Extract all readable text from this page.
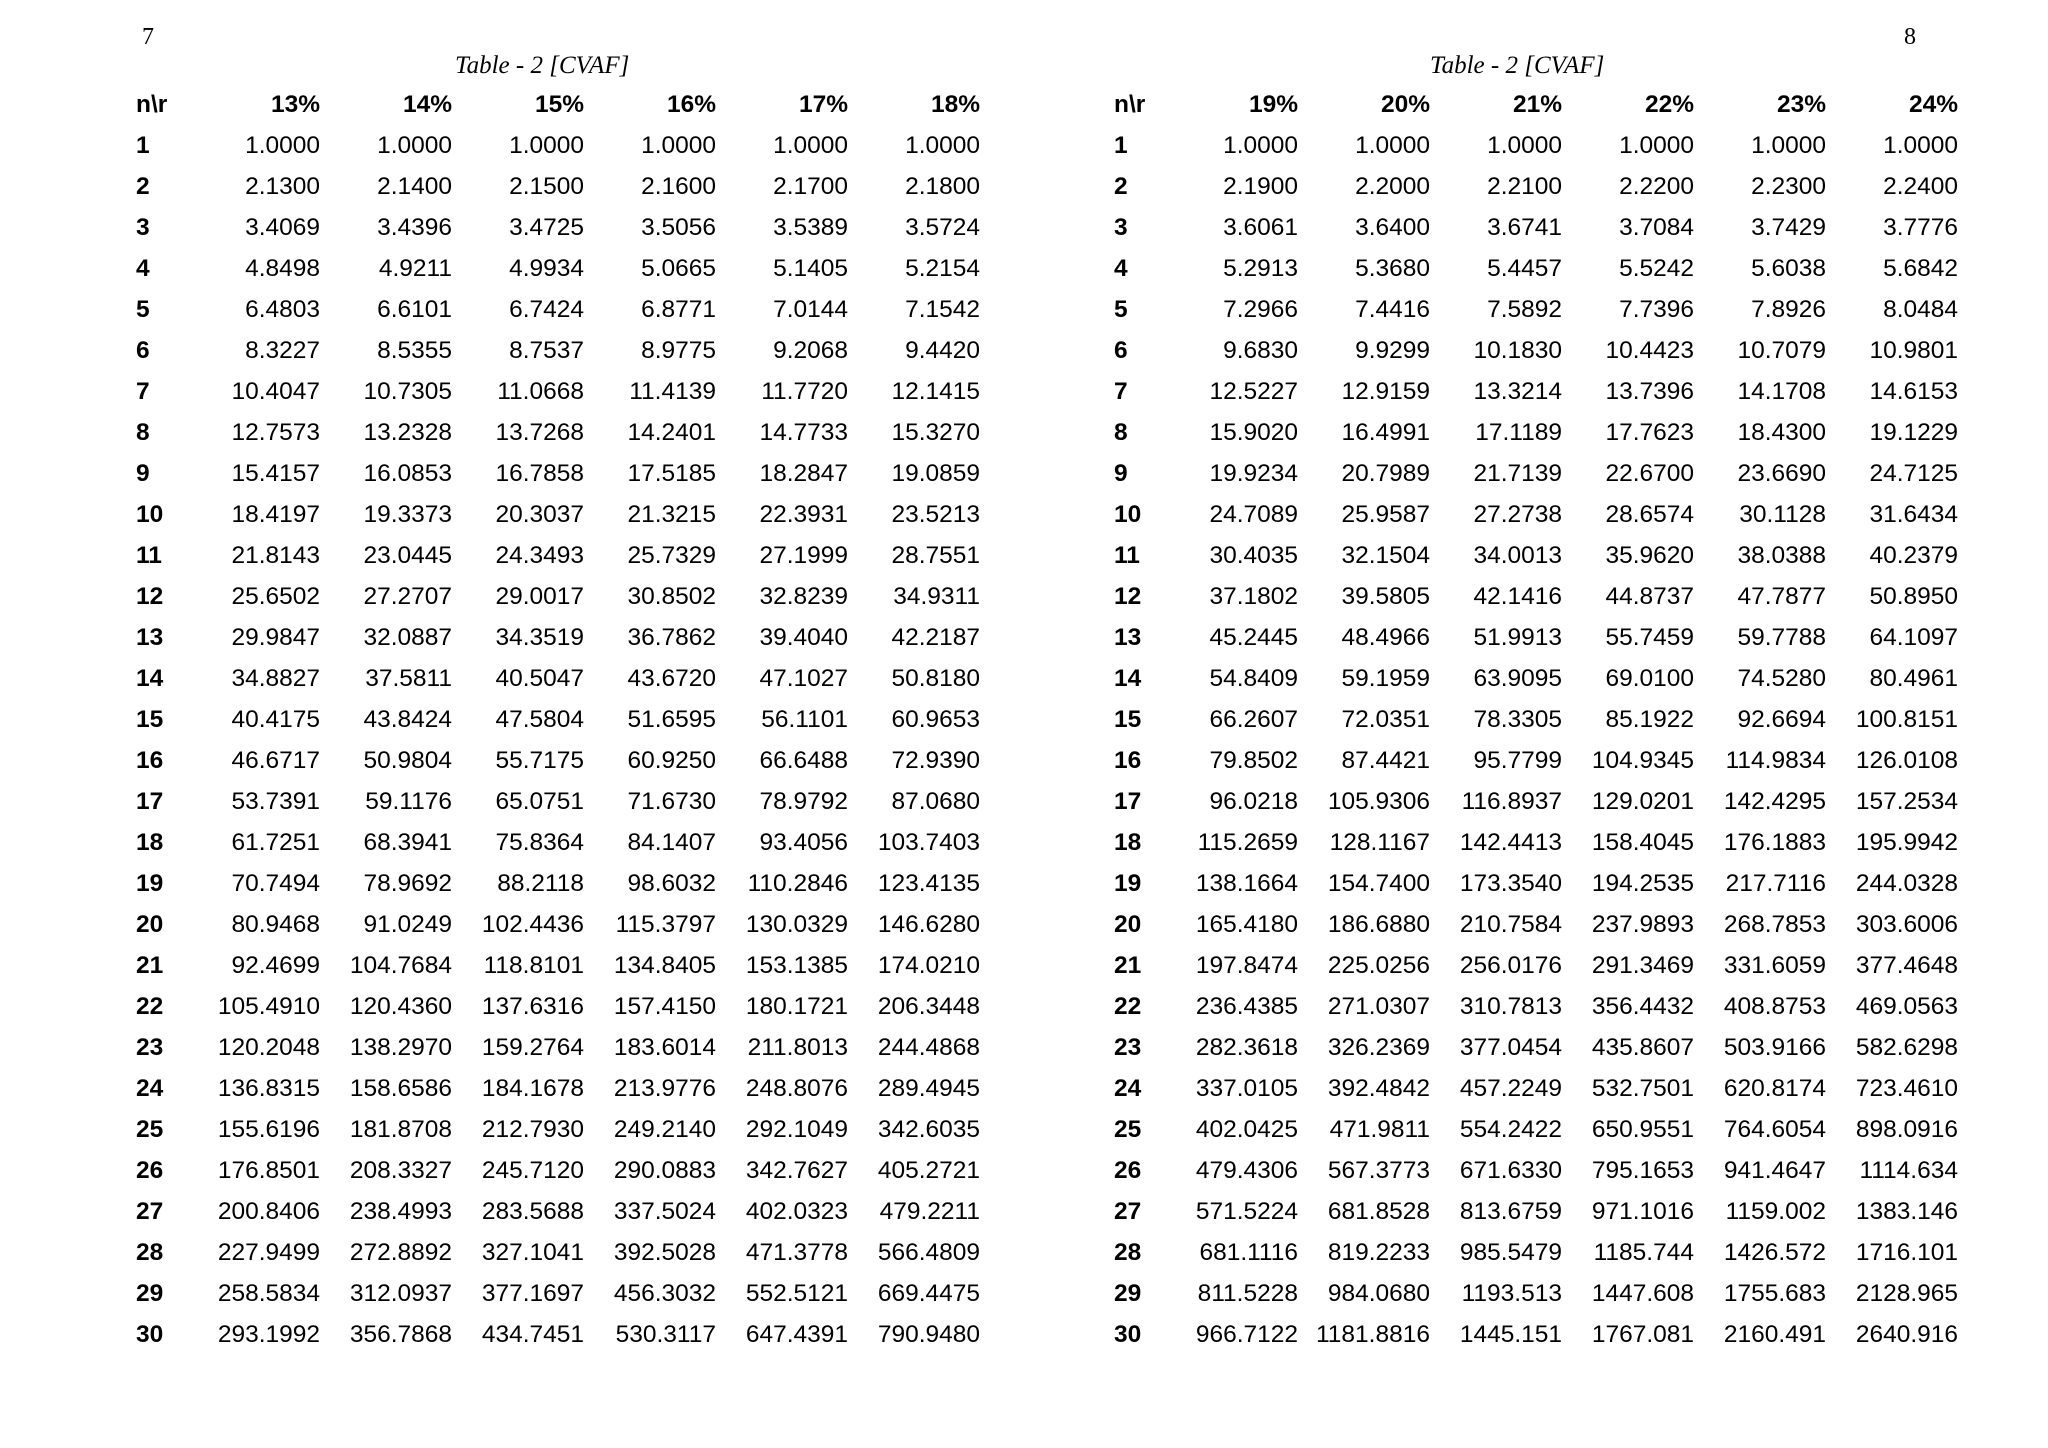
7
Table - 2 [CVAF]
n\r	13%	14%	15%	16%	17%	18%
1	1.0000	1.0000	1.0000	1.0000	1.0000	1.0000
2	2.1300	2.1400	2.1500	2.1600	2.1700	2.1800
3	3.4069	3.4396	3.4725	3.5056	3.5389	3.5724
4	4.8498	4.9211	4.9934	5.0665	5.1405	5.2154
5	6.4803	6.6101	6.7424	6.8771	7.0144	7.1542
6	8.3227	8.5355	8.7537	8.9775	9.2068	9.4420
7	10.4047	10.7305	11.0668	11.4139	11.7720	12.1415
8	12.7573	13.2328	13.7268	14.2401	14.7733	15.3270
9	15.4157	16.0853	16.7858	17.5185	18.2847	19.0859
10	18.4197	19.3373	20.3037	21.3215	22.3931	23.5213
11	21.8143	23.0445	24.3493	25.7329	27.1999	28.7551
12	25.6502	27.2707	29.0017	30.8502	32.8239	34.9311
13	29.9847	32.0887	34.3519	36.7862	39.4040	42.2187
14	34.8827	37.5811	40.5047	43.6720	47.1027	50.8180
15	40.4175	43.8424	47.5804	51.6595	56.1101	60.9653
16	46.6717	50.9804	55.7175	60.9250	66.6488	72.9390
17	53.7391	59.1176	65.0751	71.6730	78.9792	87.0680
18	61.7251	68.3941	75.8364	84.1407	93.4056	103.7403
19	70.7494	78.9692	88.2118	98.6032	110.2846	123.4135
20	80.9468	91.0249	102.4436	115.3797	130.0329	146.6280
21	92.4699	104.7684	118.8101	134.8405	153.1385	174.0210
22	105.4910	120.4360	137.6316	157.4150	180.1721	206.3448
23	120.2048	138.2970	159.2764	183.6014	211.8013	244.4868
24	136.8315	158.6586	184.1678	213.9776	248.8076	289.4945
25	155.6196	181.8708	212.7930	249.2140	292.1049	342.6035
26	176.8501	208.3327	245.7120	290.0883	342.7627	405.2721
27	200.8406	238.4993	283.5688	337.5024	402.0323	479.2211
28	227.9499	272.8892	327.1041	392.5028	471.3778	566.4809
29	258.5834	312.0937	377.1697	456.3032	552.5121	669.4475
30	293.1992	356.7868	434.7451	530.3117	647.4391	790.9480
8
Table - 2 [CVAF]
n\r	19%	20%	21%	22%	23%	24%
1	1.0000	1.0000	1.0000	1.0000	1.0000	1.0000
2	2.1900	2.2000	2.2100	2.2200	2.2300	2.2400
3	3.6061	3.6400	3.6741	3.7084	3.7429	3.7776
4	5.2913	5.3680	5.4457	5.5242	5.6038	5.6842
5	7.2966	7.4416	7.5892	7.7396	7.8926	8.0484
6	9.6830	9.9299	10.1830	10.4423	10.7079	10.9801
7	12.5227	12.9159	13.3214	13.7396	14.1708	14.6153
8	15.9020	16.4991	17.1189	17.7623	18.4300	19.1229
9	19.9234	20.7989	21.7139	22.6700	23.6690	24.7125
10	24.7089	25.9587	27.2738	28.6574	30.1128	31.6434
11	30.4035	32.1504	34.0013	35.9620	38.0388	40.2379
12	37.1802	39.5805	42.1416	44.8737	47.7877	50.8950
13	45.2445	48.4966	51.9913	55.7459	59.7788	64.1097
14	54.8409	59.1959	63.9095	69.0100	74.5280	80.4961
15	66.2607	72.0351	78.3305	85.1922	92.6694	100.8151
16	79.8502	87.4421	95.7799	104.9345	114.9834	126.0108
17	96.0218	105.9306	116.8937	129.0201	142.4295	157.2534
18	115.2659	128.1167	142.4413	158.4045	176.1883	195.9942
19	138.1664	154.7400	173.3540	194.2535	217.7116	244.0328
20	165.4180	186.6880	210.7584	237.9893	268.7853	303.6006
21	197.8474	225.0256	256.0176	291.3469	331.6059	377.4648
22	236.4385	271.0307	310.7813	356.4432	408.8753	469.0563
23	282.3618	326.2369	377.0454	435.8607	503.9166	582.6298
24	337.0105	392.4842	457.2249	532.7501	620.8174	723.4610
25	402.0425	471.9811	554.2422	650.9551	764.6054	898.0916
26	479.4306	567.3773	671.6330	795.1653	941.4647	1114.634
27	571.5224	681.8528	813.6759	971.1016	1159.002	1383.146
28	681.1116	819.2233	985.5479	1185.744	1426.572	1716.101
29	811.5228	984.0680	1193.513	1447.608	1755.683	2128.965
30	966.7122	1181.8816	1445.151	1767.081	2160.491	2640.916
